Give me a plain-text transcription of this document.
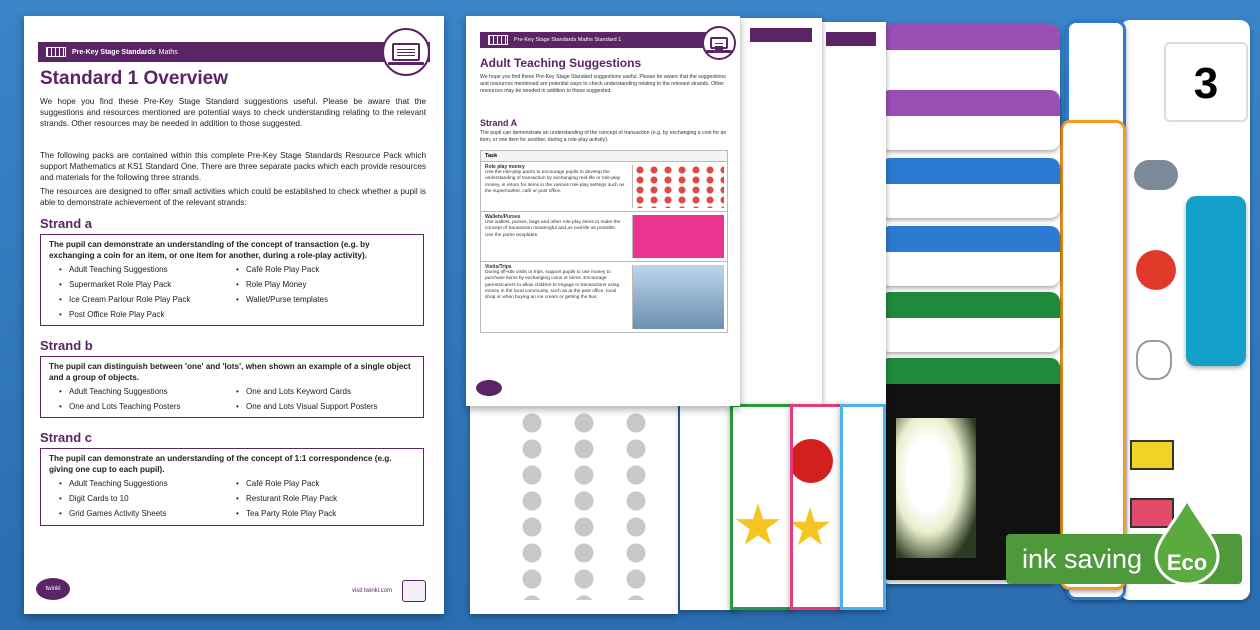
3
Pre-Key Stage Standards Maths Standard 1
Adult Teaching Suggestions
We hope you find these Pre-Key Stage Standard suggestions useful. Please be aware that the suggestions and resources mentioned are potential ways to check understanding relating to the relevant strands. Other resources may be needed in addition to those suggested.
Strand A
The pupil can demonstrate an understanding of the concept of transaction (e.g. by exchanging a coin for an item, or one item for another, during a role-play activity).
Task
Role play money
Use the role-play packs to encourage pupils to develop the understanding of transaction by exchanging real-life or role-play money, in return for items in the various role-play settings such as the supermarket, café or post office.
Wallets/Purses
Use wallets, purses, bags and other role-play items to make the concept of transaction meaningful and as real-life as possible. Use the purse templates.
Visits/Trips
During off-site visits or trips, support pupils to use money to purchase items by exchanging coins or items. Encourage parents/carers to allow children to engage in transactions using money in the local community, such as at the post office, local shop or when buying an ice cream or getting the bus.
Pre-Key Stage Standards Maths
Standard 1 Overview
We hope you find these Pre-Key Stage Standard suggestions useful. Please be aware that the suggestions and resources mentioned are potential ways to check understanding relating to the relevant strands. Other resources may be needed in addition to those suggested.
The following packs are contained within this complete Pre-Key Stage Standards Resource Pack which support Mathematics at KS1 Standard One. There are three separate packs which each provide resources and materials for the following three strands.
The resources are designed to offer small activities which could be established to check whether a pupil is able to demonstrate achievement of the relevant strands:
Strand a
The pupil can demonstrate an understanding of the concept of transaction (e.g. by exchanging a coin for an item, or one item for another, during a role-play activity).
• Adult Teaching Suggestions	• Café Role Play Pack
• Supermarket Role Play Pack	• Role Play Money
• Ice Cream Parlour Role Play Pack	• Wallet/Purse templates
• Post Office Role Play Pack
Strand b
The pupil can distinguish between 'one' and 'lots', when shown an example of a single object and a group of objects.
• Adult Teaching Suggestions	• One and Lots Keyword Cards
• One and Lots Teaching Posters	• One and Lots Visual Support Posters
Strand c
The pupil can demonstrate an understanding of the concept of 1:1 correspondence (e.g. giving one cup to each pupil).
• Adult Teaching Suggestions	• Café Role Play Pack
• Digit Cards to 10	• Resturant Role Play Pack
• Grid Games Activity Sheets	• Tea Party Role Play Pack
twinkl inclusion
visit twinkl.com
ink saving	Eco
